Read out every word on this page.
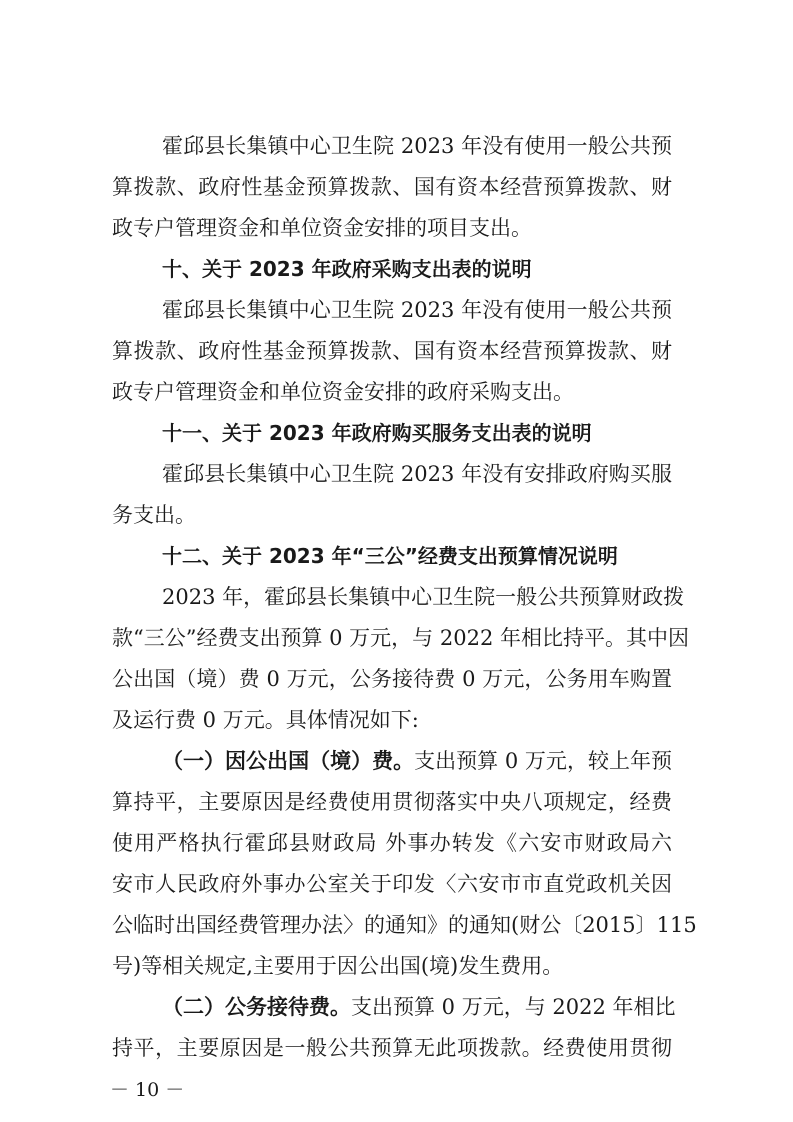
霍邱县长集镇中心卫生院 2023 年没有使用一般公共预
算拨款、政府性基金预算拨款、国有资本经营预算拨款、财
政专户管理资金和单位资金安排的项目支出。
十、关于 2023 年政府采购支出表的说明
霍邱县长集镇中心卫生院 2023 年没有使用一般公共预
算拨款、政府性基金预算拨款、国有资本经营预算拨款、财
政专户管理资金和单位资金安排的政府采购支出。
十一、关于 2023 年政府购买服务支出表的说明
霍邱县长集镇中心卫生院 2023 年没有安排政府购买服
务支出。
十二、关于 2023 年“三公”经费支出预算情况说明
2023 年，霍邱县长集镇中心卫生院一般公共预算财政拨
款“三公”经费支出预算 0 万元，与 2022 年相比持平。其中因
公出国（境）费 0 万元，公务接待费 0 万元，公务用车购置
及运行费 0 万元。具体情况如下:
（一）因公出国（境）费。支出预算 0 万元，较上年预
算持平，主要原因是经费使用贯彻落实中央八项规定，经费
使用严格执行霍邱县财政局 外事办转发《六安市财政局六
安市人民政府外事办公室关于印发〈六安市市直党政机关因
公临时出国经费管理办法〉的通知》的通知(财公〔2015〕115
号)等相关规定,主要用于因公出国(境)发生费用。
（二）公务接待费。支出预算 0 万元，与 2022 年相比
持平，主要原因是一般公共预算无此项拨款。经费使用贯彻
－ 10 －
